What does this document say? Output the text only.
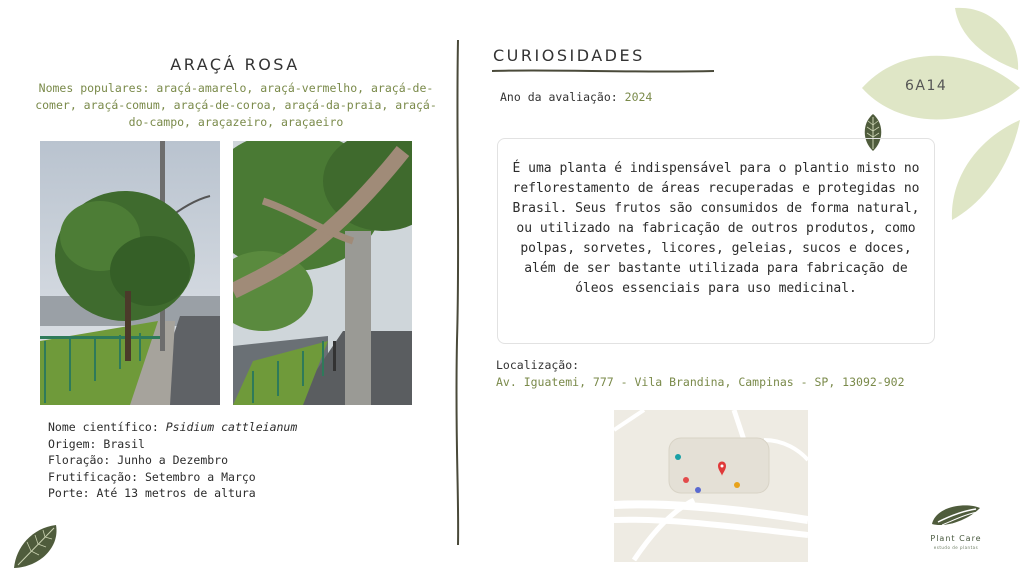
6A14
ARAÇÁ ROSA
Nomes populares: araçá-amarelo, araçá-vermelho, araçá-de-comer, araçá-comum, araçá-de-coroa, araçá-da-praia, araçá-do-campo, araçazeiro, araçaeiro
Nome científico: Psidium cattleianum
Origem: Brasil
Floração: Junho a Dezembro
Frutificação: Setembro a Março
Porte: Até 13 metros de altura
CURIOSIDADES
Ano da avaliação: 2024

É uma planta é indispensável para o plantio misto no reflorestamento de áreas recuperadas e protegidas no Brasil. Seus frutos são consumidos de forma natural, ou utilizado na fabricação de outros produtos, como polpas, sorvetes, licores, geleias, sucos e doces, além de ser bastante utilizada para fabricação de óleos essenciais para uso medicinal.

Localização:
Av. Iguatemi, 777 - Vila Brandina, Campinas - SP, 13092-902
Plant Care
estudo de plantas
